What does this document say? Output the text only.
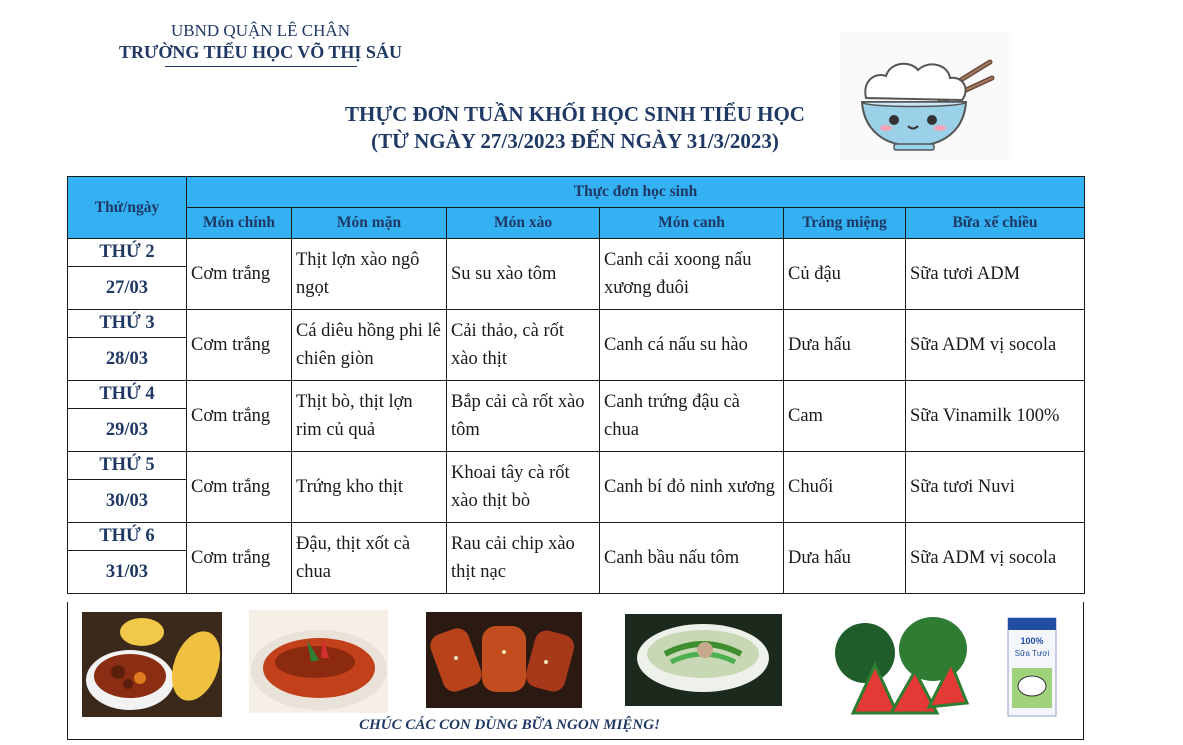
UBND QUẬN LÊ CHÂN
TRƯỜNG TIỂU HỌC VÕ THỊ SÁU
THỰC ĐƠN TUẦN KHỐI HỌC SINH TIỂU HỌC
(TỪ NGÀY 27/3/2023 ĐẾN NGÀY 31/3/2023)
Thứ/ngày	Thực đơn học sinh					
	Món chính	Món mặn	Món xào	Món canh	Tráng miệng	Bữa xế chiều
THỨ 2	Cơm trắng	Thịt lợn xào ngô ngọt	Su su xào tôm	Canh cải xoong nấu xương đuôi	Củ đậu	Sữa tươi ADM
27/03						
THỨ 3	Cơm trắng	Cá diêu hồng phi lê chiên giòn	Cải thảo, cà rốt xào thịt	Canh cá nấu su hào	Dưa hấu	Sữa ADM vị socola
28/03						
THỨ 4	Cơm trắng	Thịt bò, thịt lợn rim củ quả	Bắp cải cà rốt xào tôm	Canh trứng đậu cà chua	Cam	Sữa Vinamilk 100%
29/03						
THỨ 5	Cơm trắng	Trứng kho thịt	Khoai tây cà rốt xào thịt bò	Canh bí đỏ ninh xương	Chuối	Sữa tươi Nuvi
30/03						
THỨ 6	Cơm trắng	Đậu, thịt xốt cà chua	Rau cải chip xào thịt nạc	Canh bầu nấu tôm	Dưa hấu	Sữa ADM vị socola
31/03						
100%
Sữa Tươi
CHÚC CÁC CON DÙNG BỮA NGON MIỆNG!
